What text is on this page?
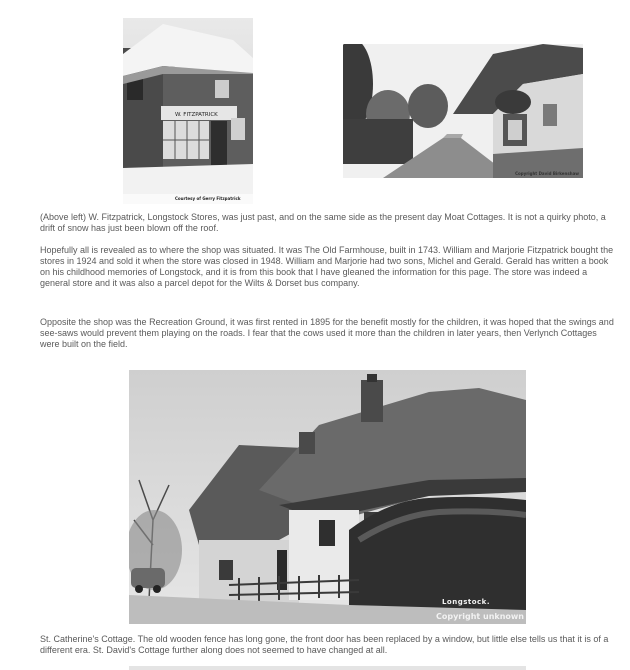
W. FITZPATRICK
Courtesy of Gerry Fitzpatrick
Copyright David Birkenshaw

(Above left) W. Fitzpatrick, Longstock Stores, was just past, and on the same side as the present day Moat Cottages. It is not a quirky photo, a drift of snow has just been blown off the roof.

Hopefully all is revealed as to where the shop was situated. It was The Old Farmhouse, built in 1743. William and Marjorie Fitzpatrick bought the stores in 1924 and sold it when the store was closed in 1948. William and Marjorie had two sons, Michel and Gerald. Gerald has written a book on his childhood memories of Longstock, and it is from this book that I have gleaned the information for this page. The store was indeed a general store and it was also a parcel depot for the Wilts & Dorset bus company.

Opposite the shop was the Recreation Ground, it was first rented in 1895 for the benefit mostly for the children, it was hoped that the swings and see-saws would prevent them playing on the roads. I fear that the cows used it more than the children in later years, then Verlynch Cottages were built on the field.

Longstock.
Copyright unknown

St. Catherine's Cottage. The old wooden fence has long gone, the front door has been replaced by a window, but little else tells us that it is of a different era. St. David's Cottage further along does not seemed to have changed at all.
